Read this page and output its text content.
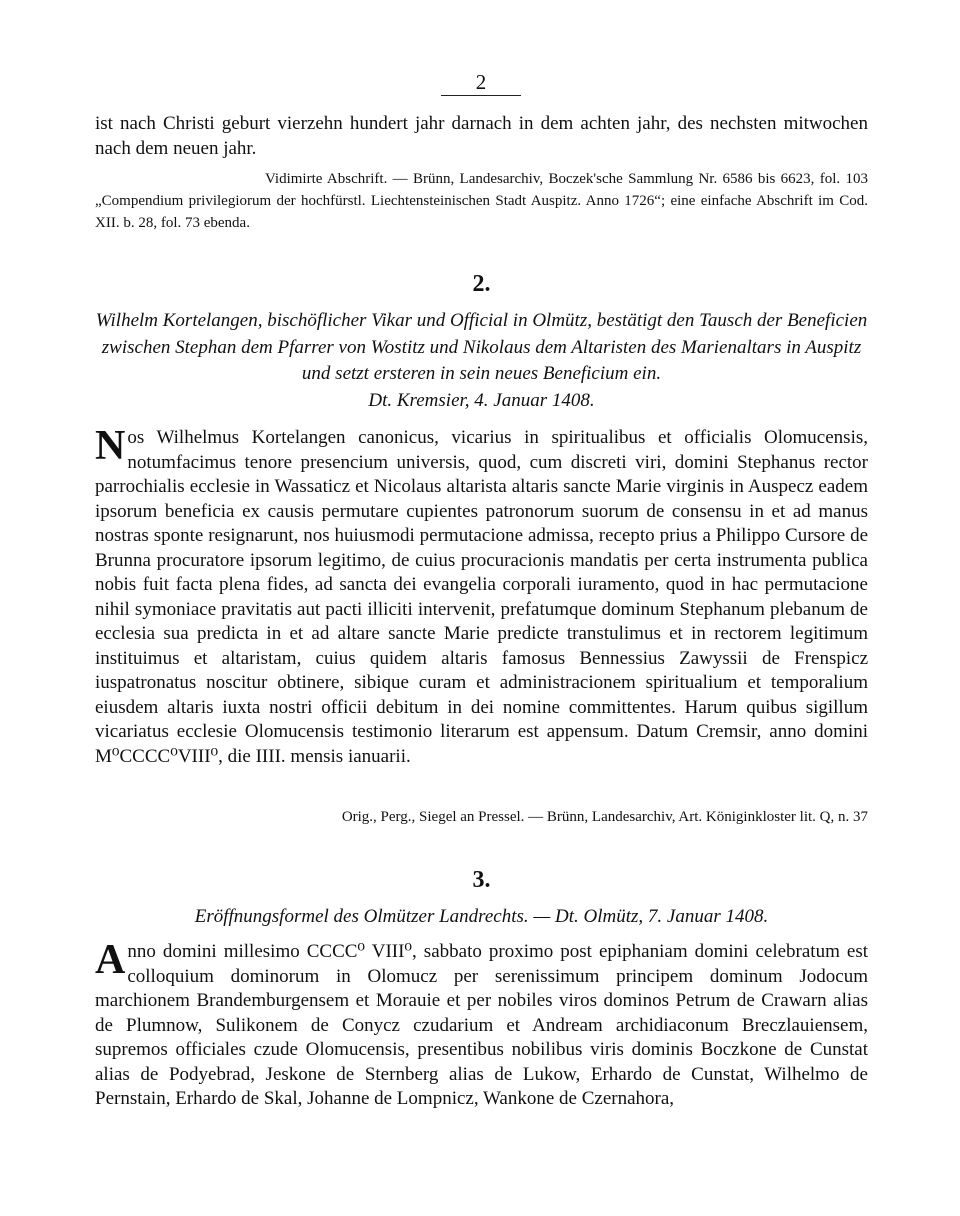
2
ist nach Christi geburt vierzehn hundert jahr darnach in dem achten jahr, des nechsten mitwochen nach dem neuen jahr.
Vidimirte Abschrift. — Brünn, Landesarchiv, Boczek'sche Sammlung Nr. 6586 bis 6623, fol. 103 „Compendium privilegiorum der hochfürstl. Liechtensteinischen Stadt Auspitz. Anno 1726“; eine einfache Abschrift im Cod. XII. b. 28, fol. 73 ebenda.
2.
Wilhelm Kortelangen, bischöflicher Vikar und Official in Olmütz, bestätigt den Tausch der Beneficien zwischen Stephan dem Pfarrer von Wostitz und Nikolaus dem Altaristen des Marienaltars in Auspitz und setzt ersteren in sein neues Beneficium ein.
Dt. Kremsier, 4. Januar 1408.
Nos Wilhelmus Kortelangen canonicus, vicarius in spiritualibus et officialis Olomucensis, notumfacimus tenore presencium universis, quod, cum discreti viri, domini Stephanus rector parrochialis ecclesie in Wassaticz et Nicolaus altarista altaris sancte Marie virginis in Auspecz eadem ipsorum beneficia ex causis permutare cupientes patronorum suorum de consensu in et ad manus nostras sponte resignarunt, nos huiusmodi permutacione admissa, recepto prius a Philippo Cursore de Brunna procuratore ipsorum legitimo, de cuius procuracionis mandatis per certa instrumenta publica nobis fuit facta plena fides, ad sancta dei evangelia corporali iuramento, quod in hac permutacione nihil symoniace pravitatis aut pacti illiciti intervenit, prefatumque dominum Stephanum plebanum de ecclesia sua predicta in et ad altare sancte Marie predicte transtulimus et in rectorem legitimum instituimus et altaristam, cuius quidem altaris famosus Bennessius Zawyssii de Frenspicz iuspatronatus noscitur obtinere, sibique curam et administracionem spiritualium et temporalium eiusdem altaris iuxta nostri officii debitum in dei nomine committentes. Harum quibus sigillum vicariatus ecclesie Olomucensis testimonio literarum est appensum. Datum Cremsir, anno domini M⁰CCCC⁰VIII⁰, die IIII. mensis ianuarii.
Orig., Perg., Siegel an Pressel. — Brünn, Landesarchiv, Art. Königinkloster lit. Q, n. 37
3.
Eröffnungsformel des Olmützer Landrechts. — Dt. Olmütz, 7. Januar 1408.
Anno domini millesimo CCCC⁰ VIII⁰, sabbato proximo post epiphaniam domini celebratum est colloquium dominorum in Olomucz per serenissimum principem dominum Jodocum marchionem Brandemburgensem et Morauie et per nobiles viros dominos Petrum de Crawarn alias de Plumnow, Sulikonem de Conycz czudarium et Andream archidiaconum Breczlauiensem, supremos officiales czude Olomucensis, presentibus nobilibus viris dominis Boczkone de Cunstat alias de Podyebrad, Jeskone de Sternberg alias de Lukow, Erhardo de Cunstat, Wilhelmo de Pernstain, Erhardo de Skal, Johanne de Lompnicz, Wankone de Czernahora,
